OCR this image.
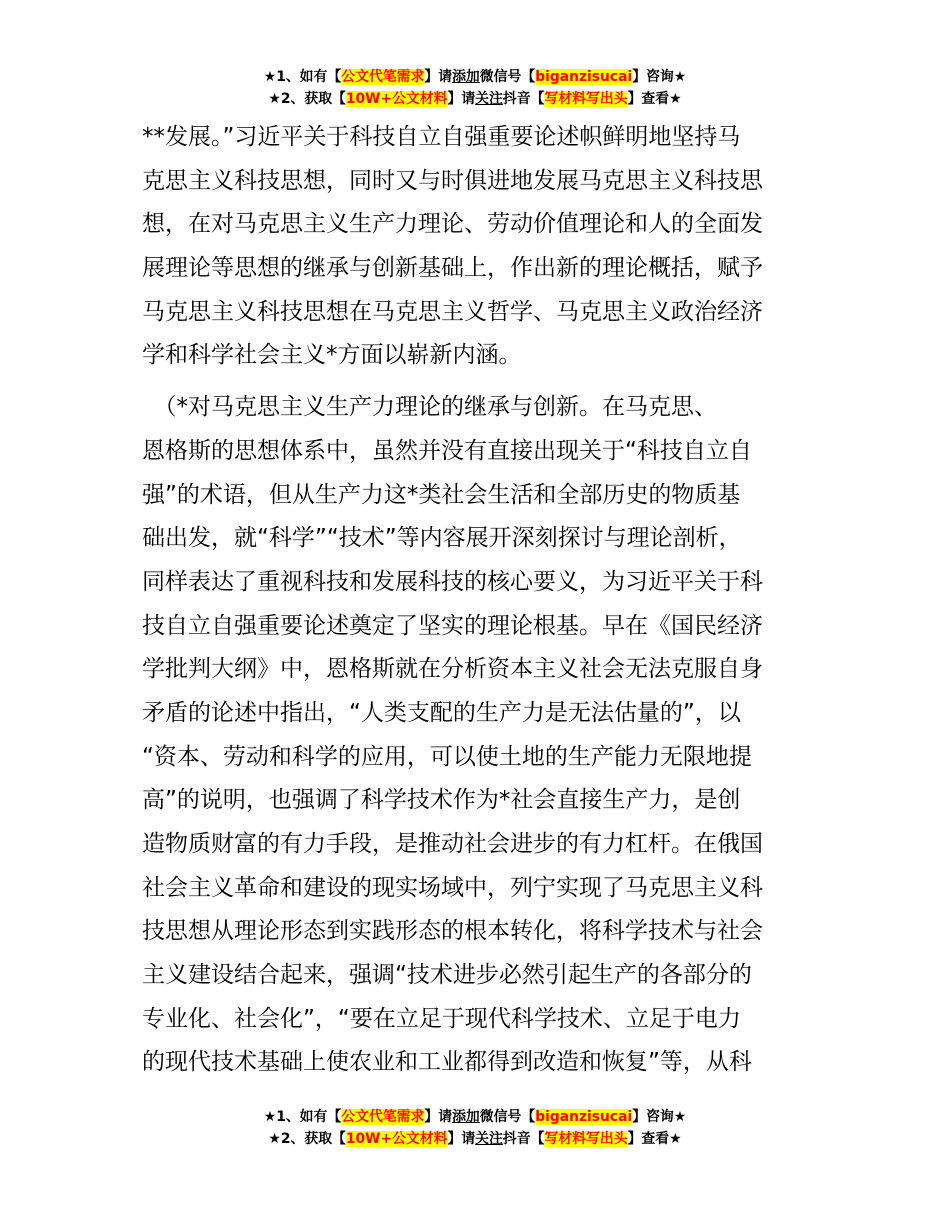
★1、如有【公文代笔需求】请添加微信号【biganzisucai】咨询★
★2、获取【10W+公文材料】请关注抖音【写材料写出头】查看★

**发展。”习近平关于科技自立自强重要论述帜鲜明地坚持马
克思主义科技思想，同时又与时俱进地发展马克思主义科技思
想，在对马克思主义生产力理论、劳动价值理论和人的全面发
展理论等思想的继承与创新基础上，作出新的理论概括，赋予
马克思主义科技思想在马克思主义哲学、马克思主义政治经济
学和科学社会主义*方面以崭新内涵。

　（*对马克思主义生产力理论的继承与创新。在马克思、
恩格斯的思想体系中，虽然并没有直接出现关于“科技自立自
强”的术语，但从生产力这*类社会生活和全部历史的物质基
础出发，就“科学”“技术”等内容展开深刻探讨与理论剖析，
同样表达了重视科技和发展科技的核心要义，为习近平关于科
技自立自强重要论述奠定了坚实的理论根基。早在《国民经济
学批判大纲》中，恩格斯就在分析资本主义社会无法克服自身
矛盾的论述中指出，“人类支配的生产力是无法估量的”，以
“资本、劳动和科学的应用，可以使土地的生产能力无限地提
高”的说明，也强调了科学技术作为*社会直接生产力，是创
造物质财富的有力手段，是推动社会进步的有力杠杆。在俄国
社会主义革命和建设的现实场域中，列宁实现了马克思主义科
技思想从理论形态到实践形态的根本转化，将科学技术与社会
主义建设结合起来，强调“技术进步必然引起生产的各部分的
专业化、社会化”，“要在立足于现代科学技术、立足于电力
的现代技术基础上使农业和工业都得到改造和恢复”等，从科

★1、如有【公文代笔需求】请添加微信号【biganzisucai】咨询★
★2、获取【10W+公文材料】请关注抖音【写材料写出头】查看★
